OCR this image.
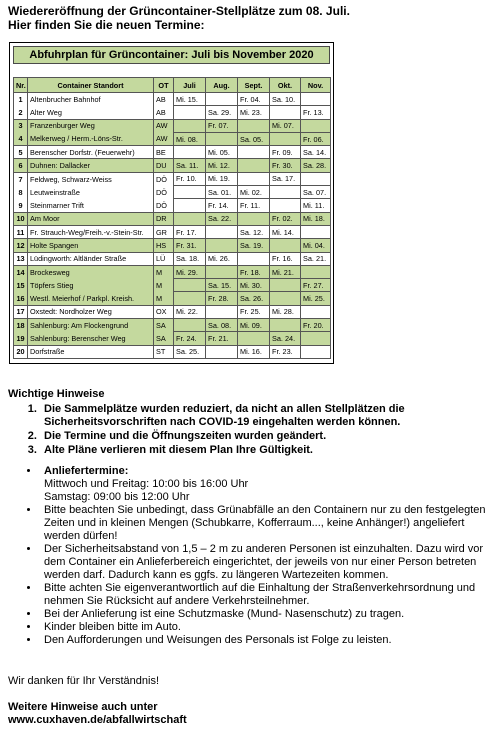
Wiedereröffnung der Grüncontainer-Stellplätze zum 08. Juli.
Hier finden Sie die neuen Termine:
Abfuhrplan für Grüncontainer: Juli bis November 2020
Nr.	Container Standort	OT	Juli	Aug.	Sept.	Okt.	Nov.
1	Altenbrucher Bahnhof	AB	Mi. 15.		Fr. 04.	Sa. 10.	
2	Alter Weg	AB		Sa. 29.	Mi. 23.		Fr. 13.
3	Franzenburger Weg	AW		Fr. 07.		Mi. 07.	
4	Melkerweg / Herm.-Löns-Str.	AW	Mi. 08.		Sa. 05.		Fr. 06.
5	Berenscher Dorfstr. (Feuerwehr)	BE		Mi. 05.		Fr. 09.	Sa. 14.
6	Duhnen: Dallacker	DU	Sa. 11.	Mi. 12.		Fr. 30.	Sa. 28.
7	Feldweg, Schwarz-Weiss	DÖ	Fr. 10.	Mi. 19.		Sa. 17.	
8	Leutweinstraße	DÖ		Sa. 01.	Mi. 02.		Sa. 07.
9	Steinmarner Trift	DÖ		Fr. 14.	Fr. 11.		Mi. 11.
10	Am Moor	DR		Sa. 22.		Fr. 02.	Mi. 18.
11	Fr. Strauch-Weg/Freih.-v.-Stein-Str.	GR	Fr. 17.		Sa. 12.	Mi. 14.	
12	Holte Spangen	HS	Fr. 31.		Sa. 19.		Mi. 04.
13	Lüdingworth: Altländer Straße	LÜ	Sa. 18.	Mi. 26.		Fr. 16.	Sa. 21.
14	Brockesweg	M	Mi. 29.		Fr. 18.	Mi. 21.	
15	Töpfers Stieg	M		Sa. 15.	Mi. 30.		Fr. 27.
16	Westl. Meierhof / Parkpl. Kreish.	M		Fr. 28.	Sa. 26.		Mi. 25.
17	Oxstedt: Nordholzer Weg	OX	Mi. 22.		Fr. 25.	Mi. 28.	
18	Sahlenburg: Am Flockengrund	SA		Sa. 08.	Mi. 09.		Fr. 20.
19	Sahlenburg: Berenscher Weg	SA	Fr. 24.	Fr. 21.		Sa. 24.	
20	Dorfstraße	ST	Sa. 25.		Mi. 16.	Fr. 23.	
Wichtige Hinweise
1. Die Sammelplätze wurden reduziert, da nicht an allen Stellplätzen die Sicherheitsvorschriften nach COVID-19 eingehalten werden können.
2. Die Termine und die Öffnungszeiten wurden geändert.
3. Alte Pläne verlieren mit diesem Plan Ihre Gültigkeit.
• Anliefertermine:
Mittwoch und Freitag: 10:00 bis 16:00 Uhr
Samstag: 09:00 bis 12:00 Uhr
• Bitte beachten Sie unbedingt, dass Grünabfälle an den Containern nur zu den festgelegten Zeiten und in kleinen Mengen (Schubkarre, Kofferraum..., keine Anhänger!) angeliefert werden dürfen!
• Der Sicherheitsabstand von 1,5 – 2 m zu anderen Personen ist einzuhalten. Dazu wird vor dem Container ein Anlieferbereich eingerichtet, der jeweils von nur einer Person betreten werden darf. Dadurch kann es ggfs. zu längeren Wartezeiten kommen.
• Bitte achten Sie eigenverantwortlich auf die Einhaltung der Straßenverkehrsordnung und nehmen Sie Rücksicht auf andere Verkehrsteilnehmer.
• Bei der Anlieferung ist eine Schutzmaske (Mund- Nasenschutz) zu tragen.
• Kinder bleiben bitte im Auto.
• Den Aufforderungen und Weisungen des Personals ist Folge zu leisten.
Wir danken für Ihr Verständnis!
Weitere Hinweise auch unter
www.cuxhaven.de/abfallwirtschaft
